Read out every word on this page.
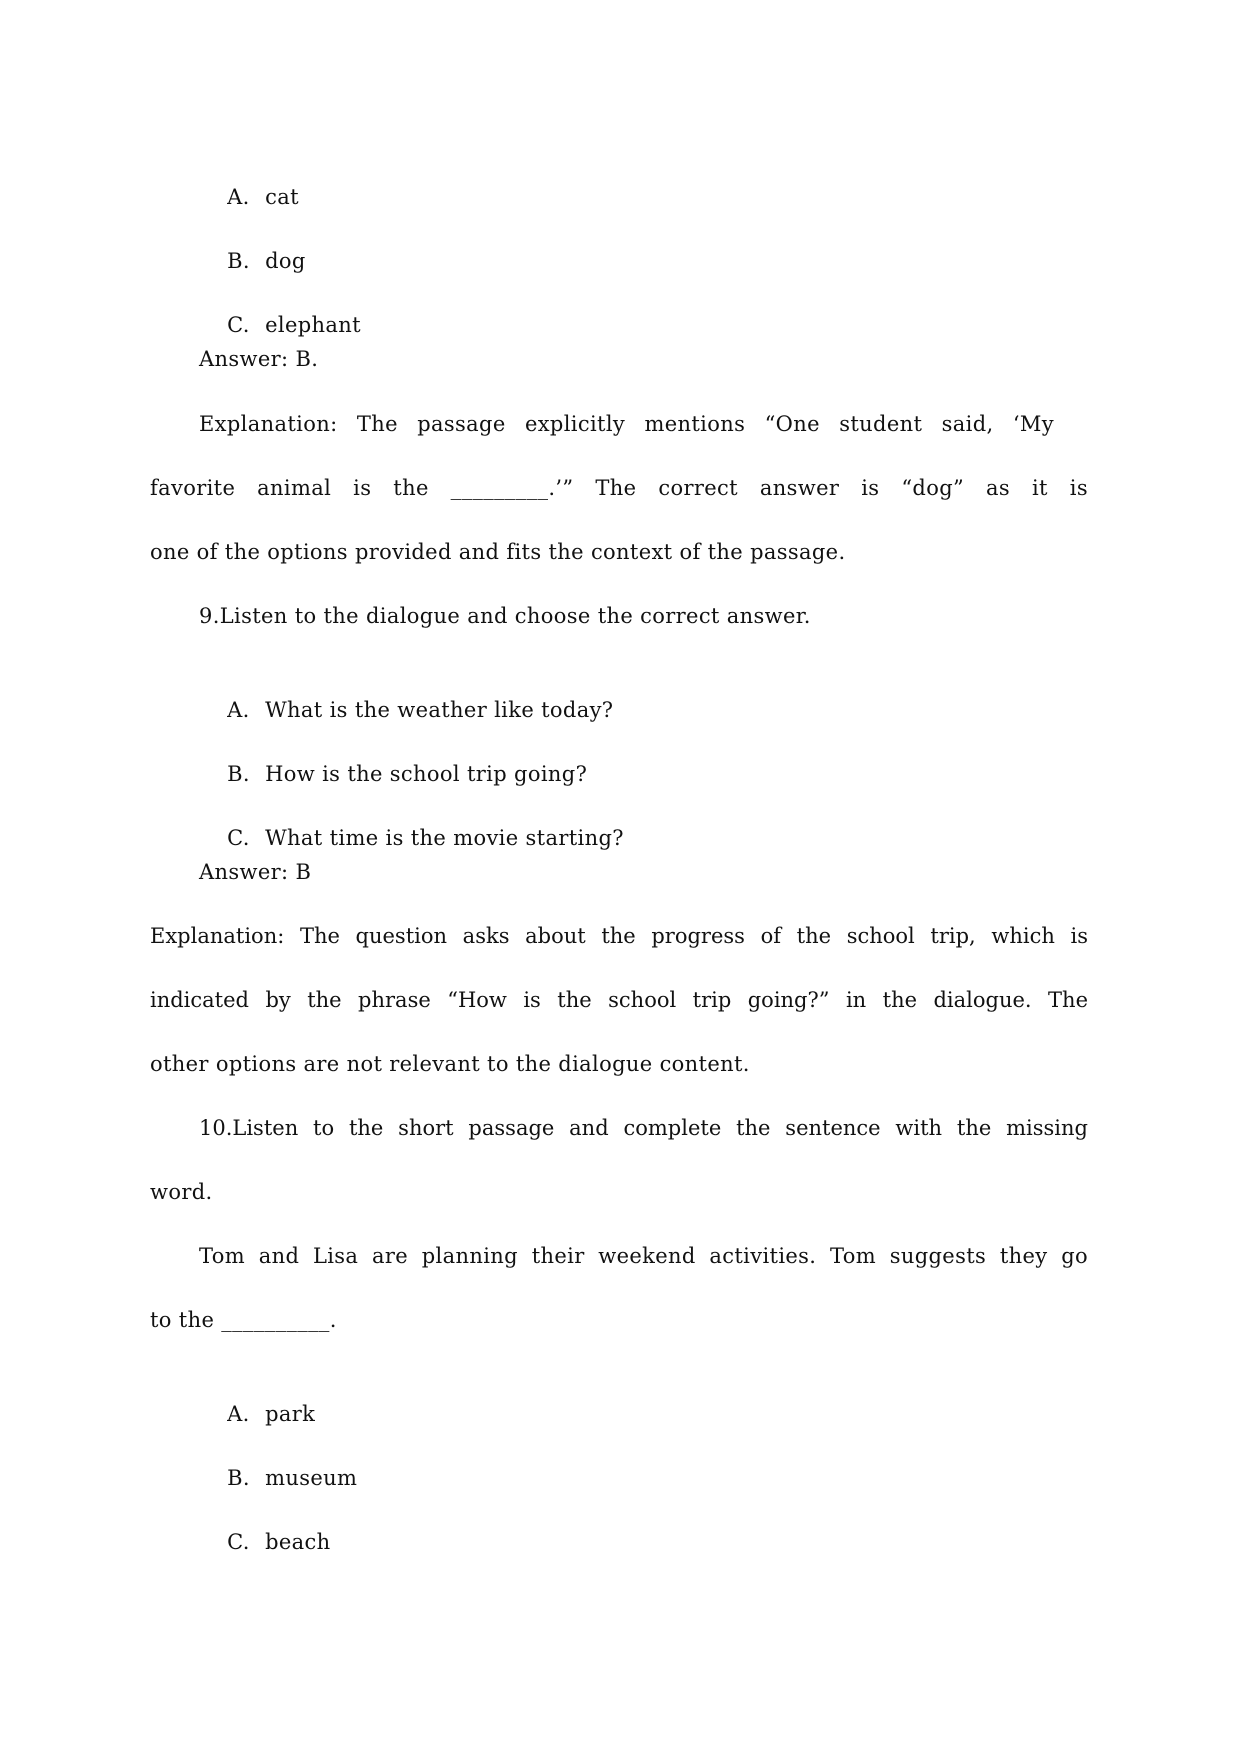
A. cat

B. dog

C. elephant

Answer: B.
Explanation: The passage explicitly mentions “One student said, ‘My
favorite animal is the _________.’” The correct answer is “dog” as it is
one of the options provided and fits the context of the passage.
9.Listen to the dialogue and choose the correct answer.

A. What is the weather like today?

B. How is the school trip going?

C. What time is the movie starting?

Answer: B
Explanation: The question asks about the progress of the school trip, which is
indicated by the phrase “How is the school trip going?” in the dialogue. The
other options are not relevant to the dialogue content.
10.Listen to the short passage and complete the sentence with the missing
word.
Tom and Lisa are planning their weekend activities. Tom suggests they go
to the __________.

A. park

B. museum

C. beach
